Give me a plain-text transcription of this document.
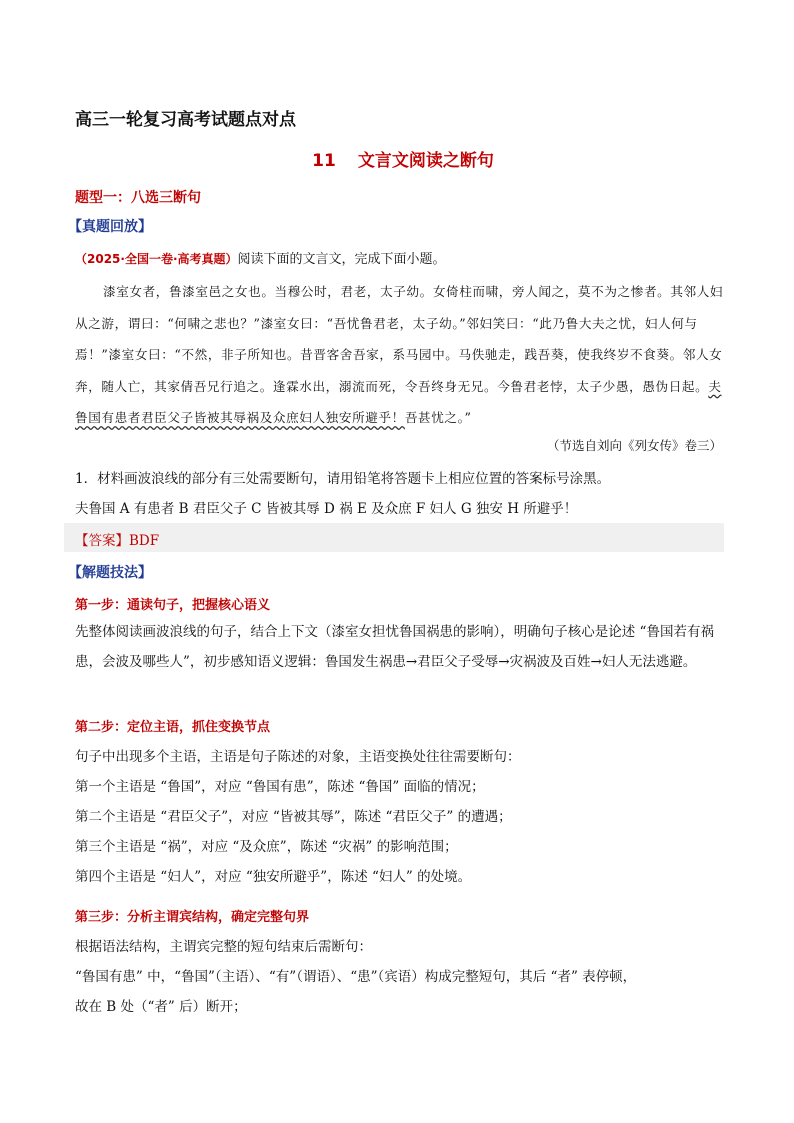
高三一轮复习高考试题点对点
11 文言文阅读之断句
题型一：八选三断句
【真题回放】
（2025·全国一卷·高考真题）阅读下面的文言文，完成下面小题。
漆室女者，鲁漆室邑之女也。当穆公时，君老，太子幼。女倚柱而啸，旁人闻之，莫不为之惨者。其邻人妇从之游，谓曰：“何啸之悲也？”漆室女曰：“吾忧鲁君老，太子幼。”邻妇笑曰：“此乃鲁大夫之忧，妇人何与焉！”漆室女曰：“不然，非子所知也。昔晋客舍吾家，系马园中。马佚驰走，践吾葵，使我终岁不食葵。邻人女奔，随人亡，其家倩吾兄行追之。逢霖水出，溺流而死，令吾终身无兄。今鲁君老悖，太子少愚，愚伪日起。夫鲁国有患者君臣父子皆被其辱祸及众庶妇人独安所避乎！吾甚忧之。”
（节选自刘向《列女传》卷三）
1．材料画波浪线的部分有三处需要断句，请用铅笔将答题卡上相应位置的答案标号涂黑。
夫鲁国 A 有患者 B 君臣父子 C 皆被其辱 D 祸 E 及众庶 F 妇人 G 独安 H 所避乎！
【答案】BDF
【解题技法】
第一步：通读句子，把握核心语义
先整体阅读画波浪线的句子，结合上下文（漆室女担忧鲁国祸患的影响），明确句子核心是论述 “鲁国若有祸患，会波及哪些人”，初步感知语义逻辑：鲁国发生祸患→君臣父子受辱→灾祸波及百姓→妇人无法逃避。
第二步：定位主语，抓住变换节点
句子中出现多个主语，主语是句子陈述的对象，主语变换处往往需要断句：
第一个主语是 “鲁国”，对应 “鲁国有患”，陈述 “鲁国” 面临的情况；
第二个主语是 “君臣父子”，对应 “皆被其辱”，陈述 “君臣父子” 的遭遇；
第三个主语是 “祸”，对应 “及众庶”，陈述 “灾祸” 的影响范围；
第四个主语是 “妇人”，对应 “独安所避乎”，陈述 “妇人” 的处境。
第三步：分析主谓宾结构，确定完整句界
根据语法结构，主谓宾完整的短句结束后需断句：
“鲁国有患” 中，“鲁国”（主语）、“有”（谓语）、“患”（宾语）构成完整短句，其后 “者” 表停顿，
故在 B 处（“者” 后）断开；
